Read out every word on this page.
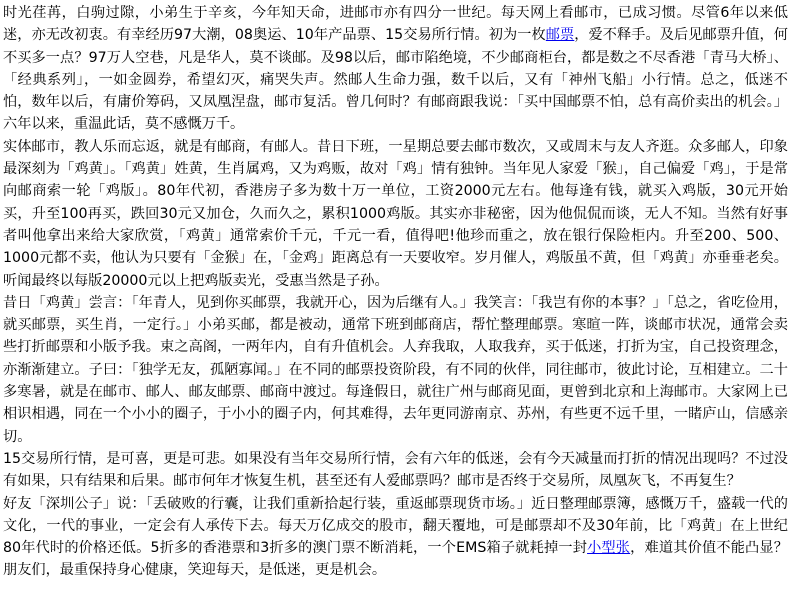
时光荏苒，白驹过隙，小弟生于辛亥，今年知天命，进邮市亦有四分一世纪。每天网上看邮市，已成习惯。尽管6年以来低迷，亦无改初衷。有幸经历97大潮，08奥运、10年产品票、15交易所行情。初为一枚邮票，爱不释手。及后见邮票升值，何不买多一点？97万人空巷，凡是华人，莫不谈邮。及98以后，邮市陷绝境，不少邮商柜台，都是数之不尽香港「青马大桥」、「经典系列」，一如金圆券，希望幻灭，痛哭失声。然邮人生命力强，数千以后，又有「神州飞船」小行情。总之，低迷不怕，数年以后，有庸价筹码，又凤凰涅盘，邮市复活。曾几何时？有邮商跟我说：「买中国邮票不怕，总有高价卖出的机会。」六年以来，重温此话，莫不感慨万千。

实体邮市，教人乐而忘返，就是有邮商，有邮人。昔日下班，一星期总要去邮市数次，又或周末与友人齐逛。众多邮人，印象最深刻为「鸡黄」。「鸡黄」姓黄，生肖属鸡，又为鸡贩，故对「鸡」情有独钟。当年见人家爱「猴」，自己偏爱「鸡」，于是常向邮商索一轮「鸡版」。80年代初，香港房子多为数十万一单位，工资2000元左右。他每逢有钱，就买入鸡版，30元开始买，升至100再买，跌回30元又加仓，久而久之，累积1000鸡版。其实亦非秘密，因为他侃侃而谈，无人不知。当然有好事者叫他拿出来给大家欣赏，「鸡黄」通常索价千元，千元一看，值得吧!他珍而重之，放在银行保险柜内。升至200、500、1000元都不卖，他认为只要有「金猴」在，「金鸡」距离总有一天要收窄。岁月催人，鸡版虽不黄，但「鸡黄」亦垂垂老矣。听闻最终以每版20000元以上把鸡版卖光，受惠当然是子孙。

昔日「鸡黄」尝言：「年青人，见到你买邮票，我就开心，因为后继有人。」我笑言：「我岂有你的本事？」「总之，省吃俭用，就买邮票，买生肖，一定行。」小弟买邮，都是被动，通常下班到邮商店，帮忙整理邮票。寒暄一阵，谈邮市状况，通常会卖些打折邮票和小版予我。束之高阁，一两年内，自有升值机会。人弃我取，人取我弃，买于低迷，打折为宝，自己投资理念，亦渐渐建立。子曰：「独学无友，孤陋寡闻。」在不同的邮票投资阶段，有不同的伙伴，同往邮市，彼此讨论，互相建立。二十多寒暑，就是在邮市、邮人、邮友邮票、邮商中渡过。每逢假日，就往广州与邮商见面，更曾到北京和上海邮市。大家网上已相识相遇，同在一个小小的圈子，于小小的圈子内，何其难得，去年更同游南京、苏州，有些更不远千里，一睹庐山，信感亲切。

15交易所行情，是可喜，更是可悲。如果没有当年交易所行情，会有六年的低迷，会有今天减量而打折的情况出现吗？不过没有如果，只有结果和后果。邮市何年才恢复生机，甚至还有人爱邮票吗？邮市是否终于交易所，凤凰灰飞，不再复生？

好友「深圳公子」说：「丢破败的行囊，让我们重新拾起行装，重返邮票现货市场。」近日整理邮票簿，感慨万千，盛载一代的文化，一代的事业，一定会有人承传下去。每天万亿成交的股市，翻天覆地，可是邮票却不及30年前，比「鸡黄」在上世纪80年代时的价格还低。5折多的香港票和3折多的澳门票不断消耗，一个EMS箱子就耗掉一封小型张，难道其价值不能凸显？朋友们，最重保持身心健康，笑迎每天，是低迷，更是机会。
